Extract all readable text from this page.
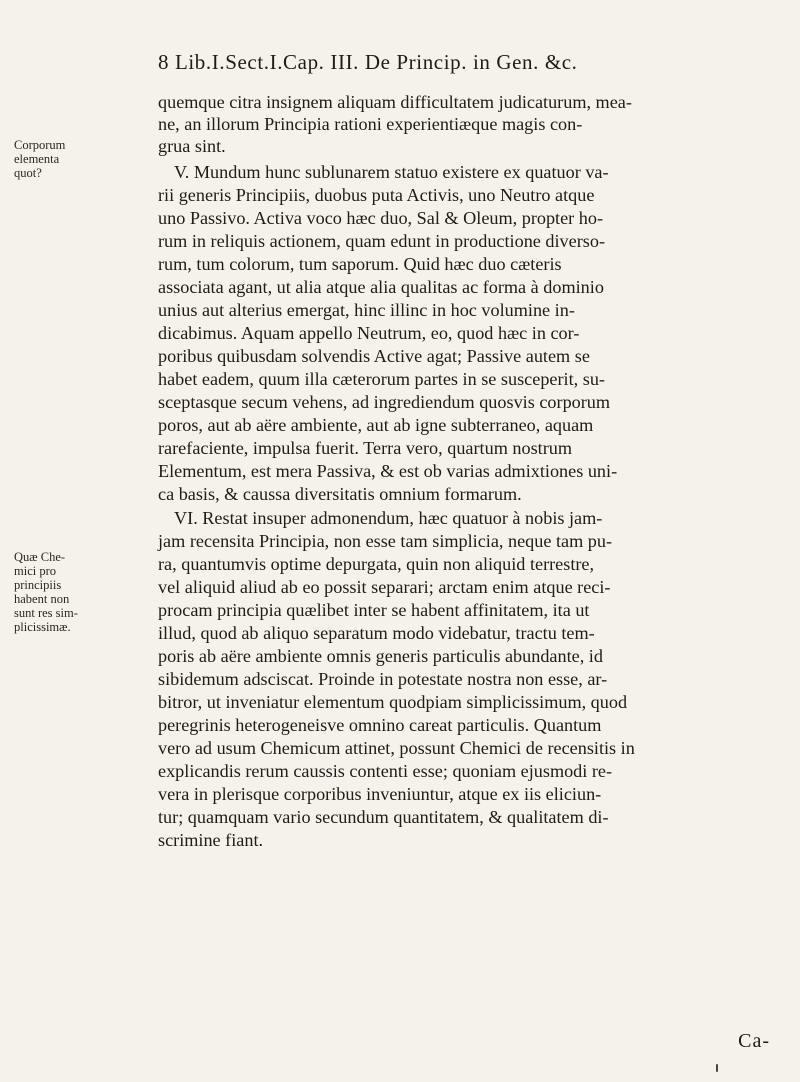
8 Lib.I.Sect.I.Cap. III. De Princip. in Gen. &c.
Corporum
elementa
quot?
Quæ Che-
mici pro
principiis
habent non
sunt res sim-
plicissimæ.
quemque citra insignem aliquam difficultatem judicaturum, mea-
ne, an illorum Principia rationi experientiæque magis con-
grua sint.
V. Mundum hunc sublunarem statuo existere ex quatuor va-
rii generis Principiis, duobus puta Activis, uno Neutro atque
uno Passivo. Activa voco hæc duo, Sal & Oleum, propter ho-
rum in reliquis actionem, quam edunt in productione diverso-
rum, tum colorum, tum saporum. Quid hæc duo cæteris
associata agant, ut alia atque alia qualitas ac forma à dominio
unius aut alterius emergat, hinc illinc in hoc volumine in-
dicabimus. Aquam appello Neutrum, eo, quod hæc in cor-
poribus quibusdam solvendis Active agat; Passive autem se
habet eadem, quum illa cæterorum partes in se susceperit, su-
sceptasque secum vehens, ad ingrediendum quosvis corporum
poros, aut ab aëre ambiente, aut ab igne subterraneo, aquam
rarefaciente, impulsa fuerit. Terra vero, quartum nostrum
Elementum, est mera Passiva, & est ob varias admixtiones uni-
ca basis, & caussa diversitatis omnium formarum.
VI. Restat insuper admonendum, hæc quatuor à nobis jam-
jam recensita Principia, non esse tam simplicia, neque tam pu-
ra, quantumvis optime depurgata, quin non aliquid terrestre,
vel aliquid aliud ab eo possit separari; arctam enim atque reci-
procam principia quælibet inter se habent affinitatem, ita ut
illud, quod ab aliquo separatum modo videbatur, tractu tem-
poris ab aëre ambiente omnis generis particulis abundante, id
sibidemum adsciscat. Proinde in potestate nostra non esse, ar-
bitror, ut inveniatur elementum quodpiam simplicissimum, quod
peregrinis heterogeneisve omnino careat particulis. Quantum
vero ad usum Chemicum attinet, possunt Chemici de recensitis in
explicandis rerum caussis contenti esse; quoniam ejusmodi re-
vera in plerisque corporibus inveniuntur, atque ex iis eliciun-
tur; quamquam vario secundum quantitatem, & qualitatem di-
scrimine fiant.
Ca-
